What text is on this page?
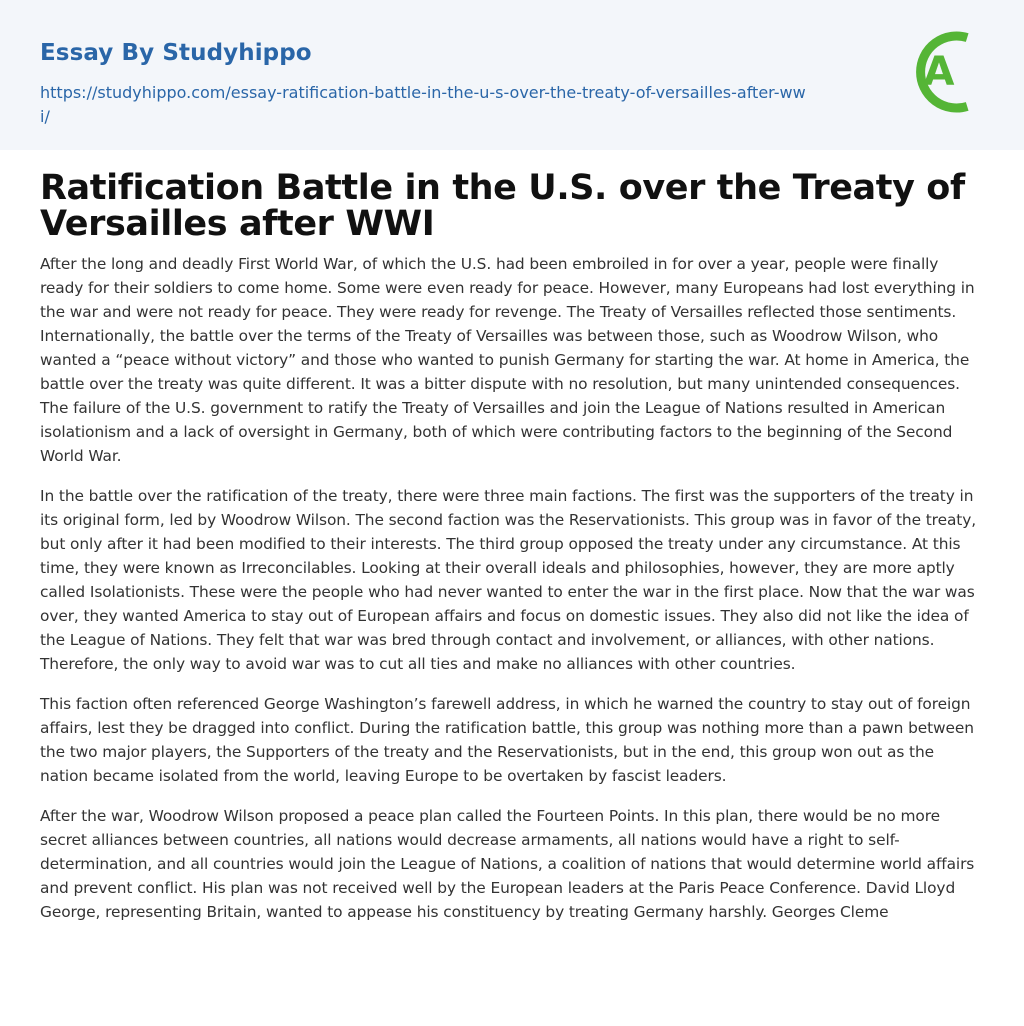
Essay By Studyhippo
https://studyhippo.com/essay-ratification-battle-in-the-u-s-over-the-treaty-of-versailles-after-wwi/
A
Ratification Battle in the U.S. over the Treaty of Versailles after WWI

After the long and deadly First World War, of which the U.S. had been embroiled in for over a year, people were finally ready for their soldiers to come home. Some were even ready for peace. However, many Europeans had lost everything in the war and were not ready for peace. They were ready for revenge. The Treaty of Versailles reflected those sentiments. Internationally, the battle over the terms of the Treaty of Versailles was between those, such as Woodrow Wilson, who wanted a “peace without victory” and those who wanted to punish Germany for starting the war. At home in America, the battle over the treaty was quite different. It was a bitter dispute with no resolution, but many unintended consequences. The failure of the U.S. government to ratify the Treaty of Versailles and join the League of Nations resulted in American isolationism and a lack of oversight in Germany, both of which were contributing factors to the beginning of the Second World War.

In the battle over the ratification of the treaty, there were three main factions. The first was the supporters of the treaty in its original form, led by Woodrow Wilson. The second faction was the Reservationists. This group was in favor of the treaty, but only after it had been modified to their interests. The third group opposed the treaty under any circumstance. At this time, they were known as Irreconcilables. Looking at their overall ideals and philosophies, however, they are more aptly called Isolationists. These were the people who had never wanted to enter the war in the first place. Now that the war was over, they wanted America to stay out of European affairs and focus on domestic issues. They also did not like the idea of the League of Nations. They felt that war was bred through contact and involvement, or alliances, with other nations. Therefore, the only way to avoid war was to cut all ties and make no alliances with other countries.

This faction often referenced George Washington’s farewell address, in which he warned the country to stay out of foreign affairs, lest they be dragged into conflict. During the ratification battle, this group was nothing more than a pawn between the two major players, the Supporters of the treaty and the Reservationists, but in the end, this group won out as the nation became isolated from the world, leaving Europe to be overtaken by fascist leaders.

After the war, Woodrow Wilson proposed a peace plan called the Fourteen Points. In this plan, there would be no more secret alliances between countries, all nations would decrease armaments, all nations would have a right to self-determination, and all countries would join the League of Nations, a coalition of nations that would determine world affairs and prevent conflict. His plan was not received well by the European leaders at the Paris Peace Conference. David Lloyd George, representing Britain, wanted to appease his constituency by treating Germany harshly. Georges Cleme
